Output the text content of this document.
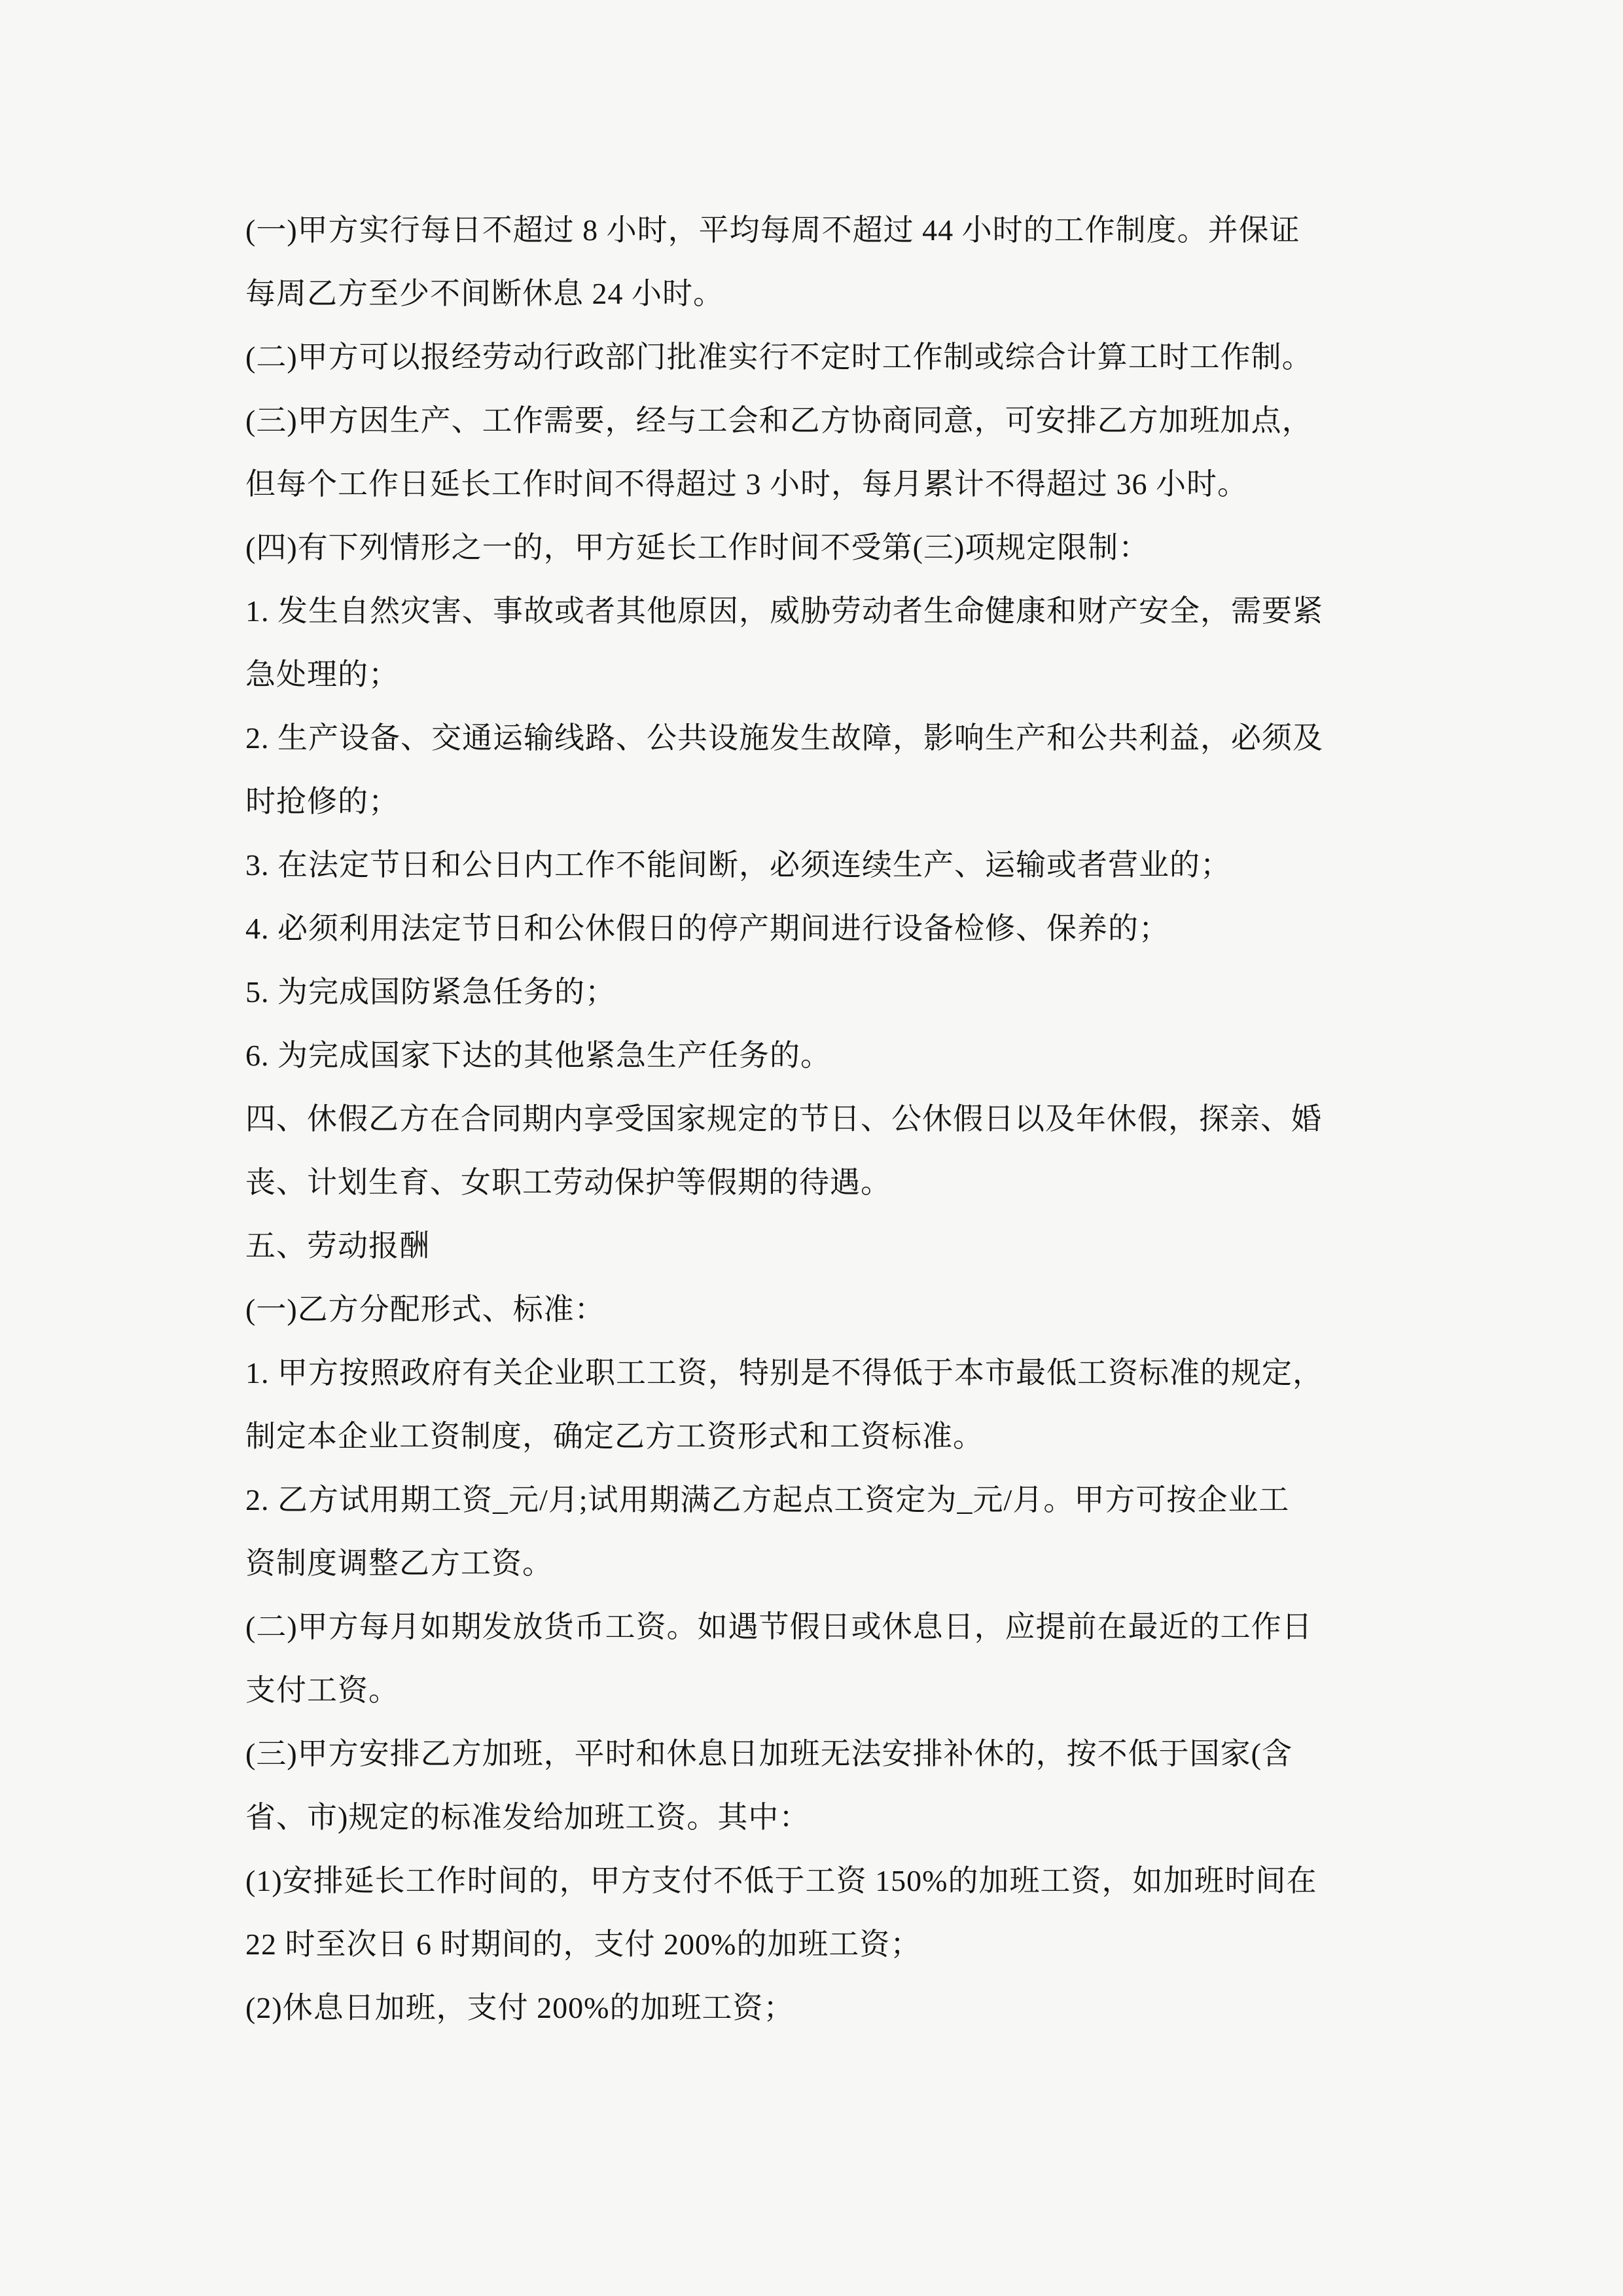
(一)甲方实行每日不超过 8 小时，平均每周不超过 44 小时的工作制度。并保证

每周乙方至少不间断休息 24 小时。

(二)甲方可以报经劳动行政部门批准实行不定时工作制或综合计算工时工作制。

(三)甲方因生产、工作需要，经与工会和乙方协商同意，可安排乙方加班加点，

但每个工作日延长工作时间不得超过 3 小时，每月累计不得超过 36 小时。

(四)有下列情形之一的，甲方延长工作时间不受第(三)项规定限制：

1. 发生自然灾害、事故或者其他原因，威胁劳动者生命健康和财产安全，需要紧

急处理的；

2. 生产设备、交通运输线路、公共设施发生故障，影响生产和公共利益，必须及

时抢修的；

3. 在法定节日和公日内工作不能间断，必须连续生产、运输或者营业的；

4. 必须利用法定节日和公休假日的停产期间进行设备检修、保养的；

5. 为完成国防紧急任务的；

6. 为完成国家下达的其他紧急生产任务的。

四、休假乙方在合同期内享受国家规定的节日、公休假日以及年休假，探亲、婚

丧、计划生育、女职工劳动保护等假期的待遇。

五、劳动报酬

(一)乙方分配形式、标准：

1. 甲方按照政府有关企业职工工资，特别是不得低于本市最低工资标准的规定，

制定本企业工资制度，确定乙方工资形式和工资标准。

2. 乙方试用期工资_元/月;试用期满乙方起点工资定为_元/月。甲方可按企业工

资制度调整乙方工资。

(二)甲方每月如期发放货币工资。如遇节假日或休息日，应提前在最近的工作日

支付工资。

(三)甲方安排乙方加班，平时和休息日加班无法安排补休的，按不低于国家(含

省、市)规定的标准发给加班工资。其中：

(1)安排延长工作时间的，甲方支付不低于工资 150%的加班工资，如加班时间在

22 时至次日 6 时期间的，支付 200%的加班工资；

(2)休息日加班，支付 200%的加班工资；
